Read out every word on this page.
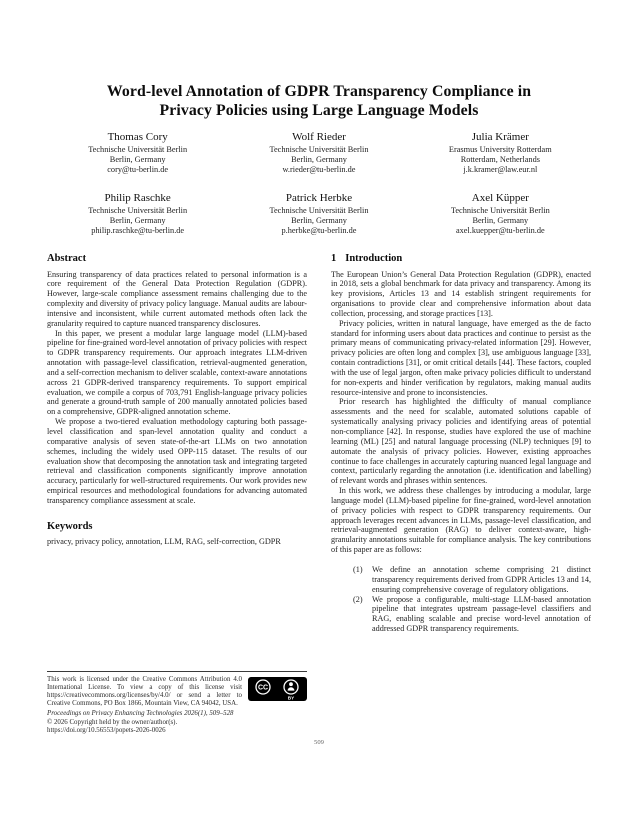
Word-level Annotation of GDPR Transparency Compliance in
Privacy Policies using Large Language Models
Thomas Cory
Technische Universität Berlin
Berlin, Germany
cory@tu-berlin.de
Wolf Rieder
Technische Universität Berlin
Berlin, Germany
w.rieder@tu-berlin.de
Julia Krämer
Erasmus University Rotterdam
Rotterdam, Netherlands
j.k.kramer@law.eur.nl
Philip Raschke
Technische Universität Berlin
Berlin, Germany
philip.raschke@tu-berlin.de
Patrick Herbke
Technische Universität Berlin
Berlin, Germany
p.herbke@tu-berlin.de
Axel Küpper
Technische Universität Berlin
Berlin, Germany
axel.kuepper@tu-berlin.de
Abstract

Ensuring transparency of data practices related to personal information is a core requirement of the General Data Protection Regulation (GDPR). However, large-scale compliance assessment remains challenging due to the complexity and diversity of privacy policy language. Manual audits are labour-intensive and inconsistent, while current automated methods often lack the granularity required to capture nuanced transparency disclosures.

In this paper, we present a modular large language model (LLM)-based pipeline for fine-grained word-level annotation of privacy policies with respect to GDPR transparency requirements. Our approach integrates LLM-driven annotation with passage-level classification, retrieval-augmented generation, and a self-correction mechanism to deliver scalable, context-aware annotations across 21 GDPR-derived transparency requirements. To support empirical evaluation, we compile a corpus of 703,791 English-language privacy policies and generate a ground-truth sample of 200 manually annotated policies based on a comprehensive, GDPR-aligned annotation scheme.

We propose a two-tiered evaluation methodology capturing both passage-level classification and span-level annotation quality and conduct a comparative analysis of seven state-of-the-art LLMs on two annotation schemes, including the widely used OPP-115 dataset. The results of our evaluation show that decomposing the annotation task and integrating targeted retrieval and classification components significantly improve annotation accuracy, particularly for well-structured requirements. Our work provides new empirical resources and methodological foundations for advancing automated transparency compliance assessment at scale.

Keywords

privacy, privacy policy, annotation, LLM, RAG, self-correction, GDPR

1 Introduction

The European Union’s General Data Protection Regulation (GDPR), enacted in 2018, sets a global benchmark for data privacy and transparency. Among its key provisions, Articles 13 and 14 establish stringent requirements for organisations to provide clear and comprehensive information about data collection, processing, and storage practices [13].

Privacy policies, written in natural language, have emerged as the de facto standard for informing users about data practices and continue to persist as the primary means of communicating privacy-related information [29]. However, privacy policies are often long and complex [3], use ambiguous language [33], contain contradictions [31], or omit critical details [44]. These factors, coupled with the use of legal jargon, often make privacy policies difficult to understand for non-experts and hinder verification by regulators, making manual audits resource-intensive and prone to inconsistencies.

Prior research has highlighted the difficulty of manual compliance assessments and the need for scalable, automated solutions capable of systematically analysing privacy policies and identifying areas of potential non-compliance [42]. In response, studies have explored the use of machine learning (ML) [25] and natural language processing (NLP) techniques [9] to automate the analysis of privacy policies. However, existing approaches continue to face challenges in accurately capturing nuanced legal language and context, particularly regarding the annotation (i.e. identification and labelling) of relevant words and phrases within sentences.

In this work, we address these challenges by introducing a modular, large language model (LLM)-based pipeline for fine-grained, word-level annotation of privacy policies with respect to GDPR transparency requirements. Our approach leverages recent advances in LLMs, passage-level classification, and retrieval-augmented generation (RAG) to deliver context-aware, high-granularity annotations suitable for compliance analysis. The key contributions of this paper are as follows:

(1)	We define an annotation scheme comprising 21 distinct transparency requirements derived from GDPR Articles 13 and 14, ensuring comprehensive coverage of regulatory obligations.
(2)	We propose a configurable, multi-stage LLM-based annotation pipeline that integrates upstream passage-level classifiers and RAG, enabling scalable and precise word-level annotation of addressed GDPR transparency requirements.
CC
BY

This work is licensed under the Creative Commons Attribution 4.0 International License. To view a copy of this license visit https://creativecommons.org/licenses/by/4.0/ or send a letter to Creative Commons, PO Box 1866, Mountain View, CA 94042, USA.

Proceedings on Privacy Enhancing Technologies 2026(1), 509–528

© 2026 Copyright held by the owner/author(s).

https://doi.org/10.56553/popets-2026-0026

509
